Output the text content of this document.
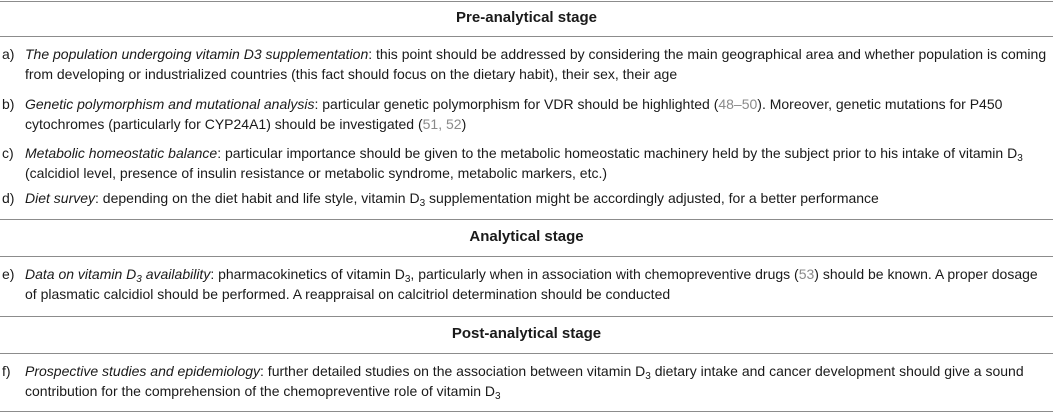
Pre-analytical stage
a) The population undergoing vitamin D3 supplementation: this point should be addressed by considering the main geographical area and whether population is coming from developing or industrialized countries (this fact should focus on the dietary habit), their sex, their age
b) Genetic polymorphism and mutational analysis: particular genetic polymorphism for VDR should be highlighted (48–50). Moreover, genetic mutations for P450 cytochromes (particularly for CYP24A1) should be investigated (51, 52)
c) Metabolic homeostatic balance: particular importance should be given to the metabolic homeostatic machinery held by the subject prior to his intake of vitamin $D_3$ (calcidiol level, presence of insulin resistance or metabolic syndrome, metabolic markers, etc.)
d) Diet survey: depending on the diet habit and life style, vitamin $D_3$ supplementation might be accordingly adjusted, for a better performance
Analytical stage
e) Data on vitamin $D_3$ availability: pharmacokinetics of vitamin $D_3$, particularly when in association with chemopreventive drugs (53) should be known. A proper dosage of plasmatic calcidiol should be performed. A reappraisal on calcitriol determination should be conducted
Post-analytical stage
f) Prospective studies and epidemiology: further detailed studies on the association between vitamin $D_3$ dietary intake and cancer development should give a sound contribution for the comprehension of the chemopreventive role of vitamin $D_3$
